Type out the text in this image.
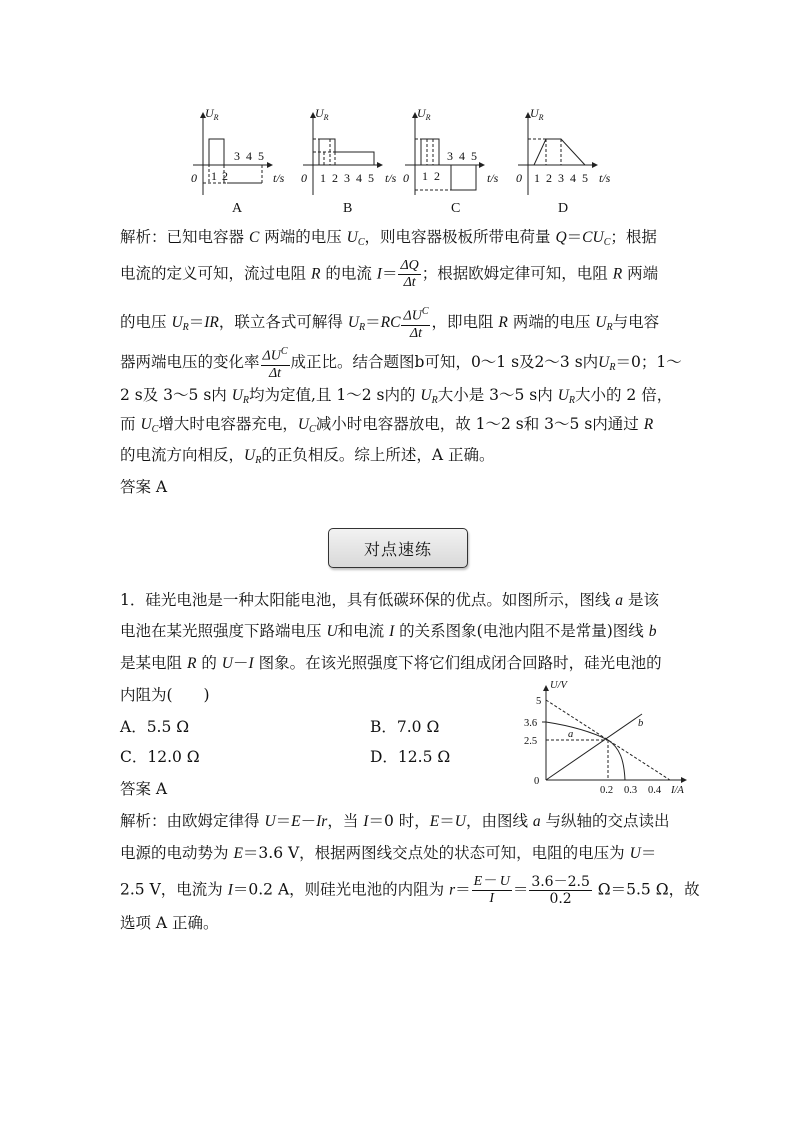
$U_R$
0 1 2
3 4 5
t/s
$U_R$
0 1 2 3 4 5 t/s
$U_R$
0 1 2
3 4 5
t/s
$U_R$
0 1 2 3 4 5 t/s
A	B	C	D
解析：已知电容器 C 两端的电压 $U_C$，则电容器极板所带电荷量 $Q=CU_C$；根据
电流的定义可知，流过电阻 R 的电流 $I= \frac{\Delta Q}{\Delta t}$ ；根据欧姆定律可知，电阻 R 两端
的电压 $U_R=IR$，联立各式可解得 $U_R=RC \frac{\Delta U^C}{\Delta t}$ ，即电阻 R 两端的电压 $U_R$与电容
器两端电压的变化率 $\frac{\Delta U^C}{\Delta t}$ 成正比。结合题图b可知，0～1 s及2～3 s内$U_R=0$；1～
2 s及 3～5 s内 $U_R$均为定值,且 1～2 s内的 $U_R$大小是 3～5 s内 $U_R$大小的 2 倍，
而 $U_C$增大时电容器充电，$U_C$减小时电容器放电，故 1～2 s和 3～5 s内通过 R
的电流方向相反，$U_R$的正负相反。综上所述，A 正确。
答案 A
对点速练
1．硅光电池是一种太阳能电池，具有低碳环保的优点。如图所示，图线 a 是该
电池在某光照强度下路端电压 U和电流 I 的关系图象(电池内阻不是常量)图线 b
是某电阻 R 的 U－I 图象。在该光照强度下将它们组成闭合回路时，硅光电池的
内阻为(　　)
A．5.5 Ω	B．7.0 Ω
C．12.0 Ω	D．12.5 Ω
答案 A
U/V
I/A
5
3.6
2.5
0
0.2 0.3 0.4
a
b
解析：由欧姆定律得 U＝E－Ir，当 I＝0 时，E＝U，由图线 a 与纵轴的交点读出
电源的电动势为 E＝3.6 V，根据两图线交点处的状态可知，电阻的电压为 U＝
2.5 V，电流为 I＝0.2 A，则硅光电池的内阻为 $r= \frac{E- U}{I} = \frac{3.6-2.5}{0.2} \Omega=5.5$ Ω，故
选项 A 正确。
